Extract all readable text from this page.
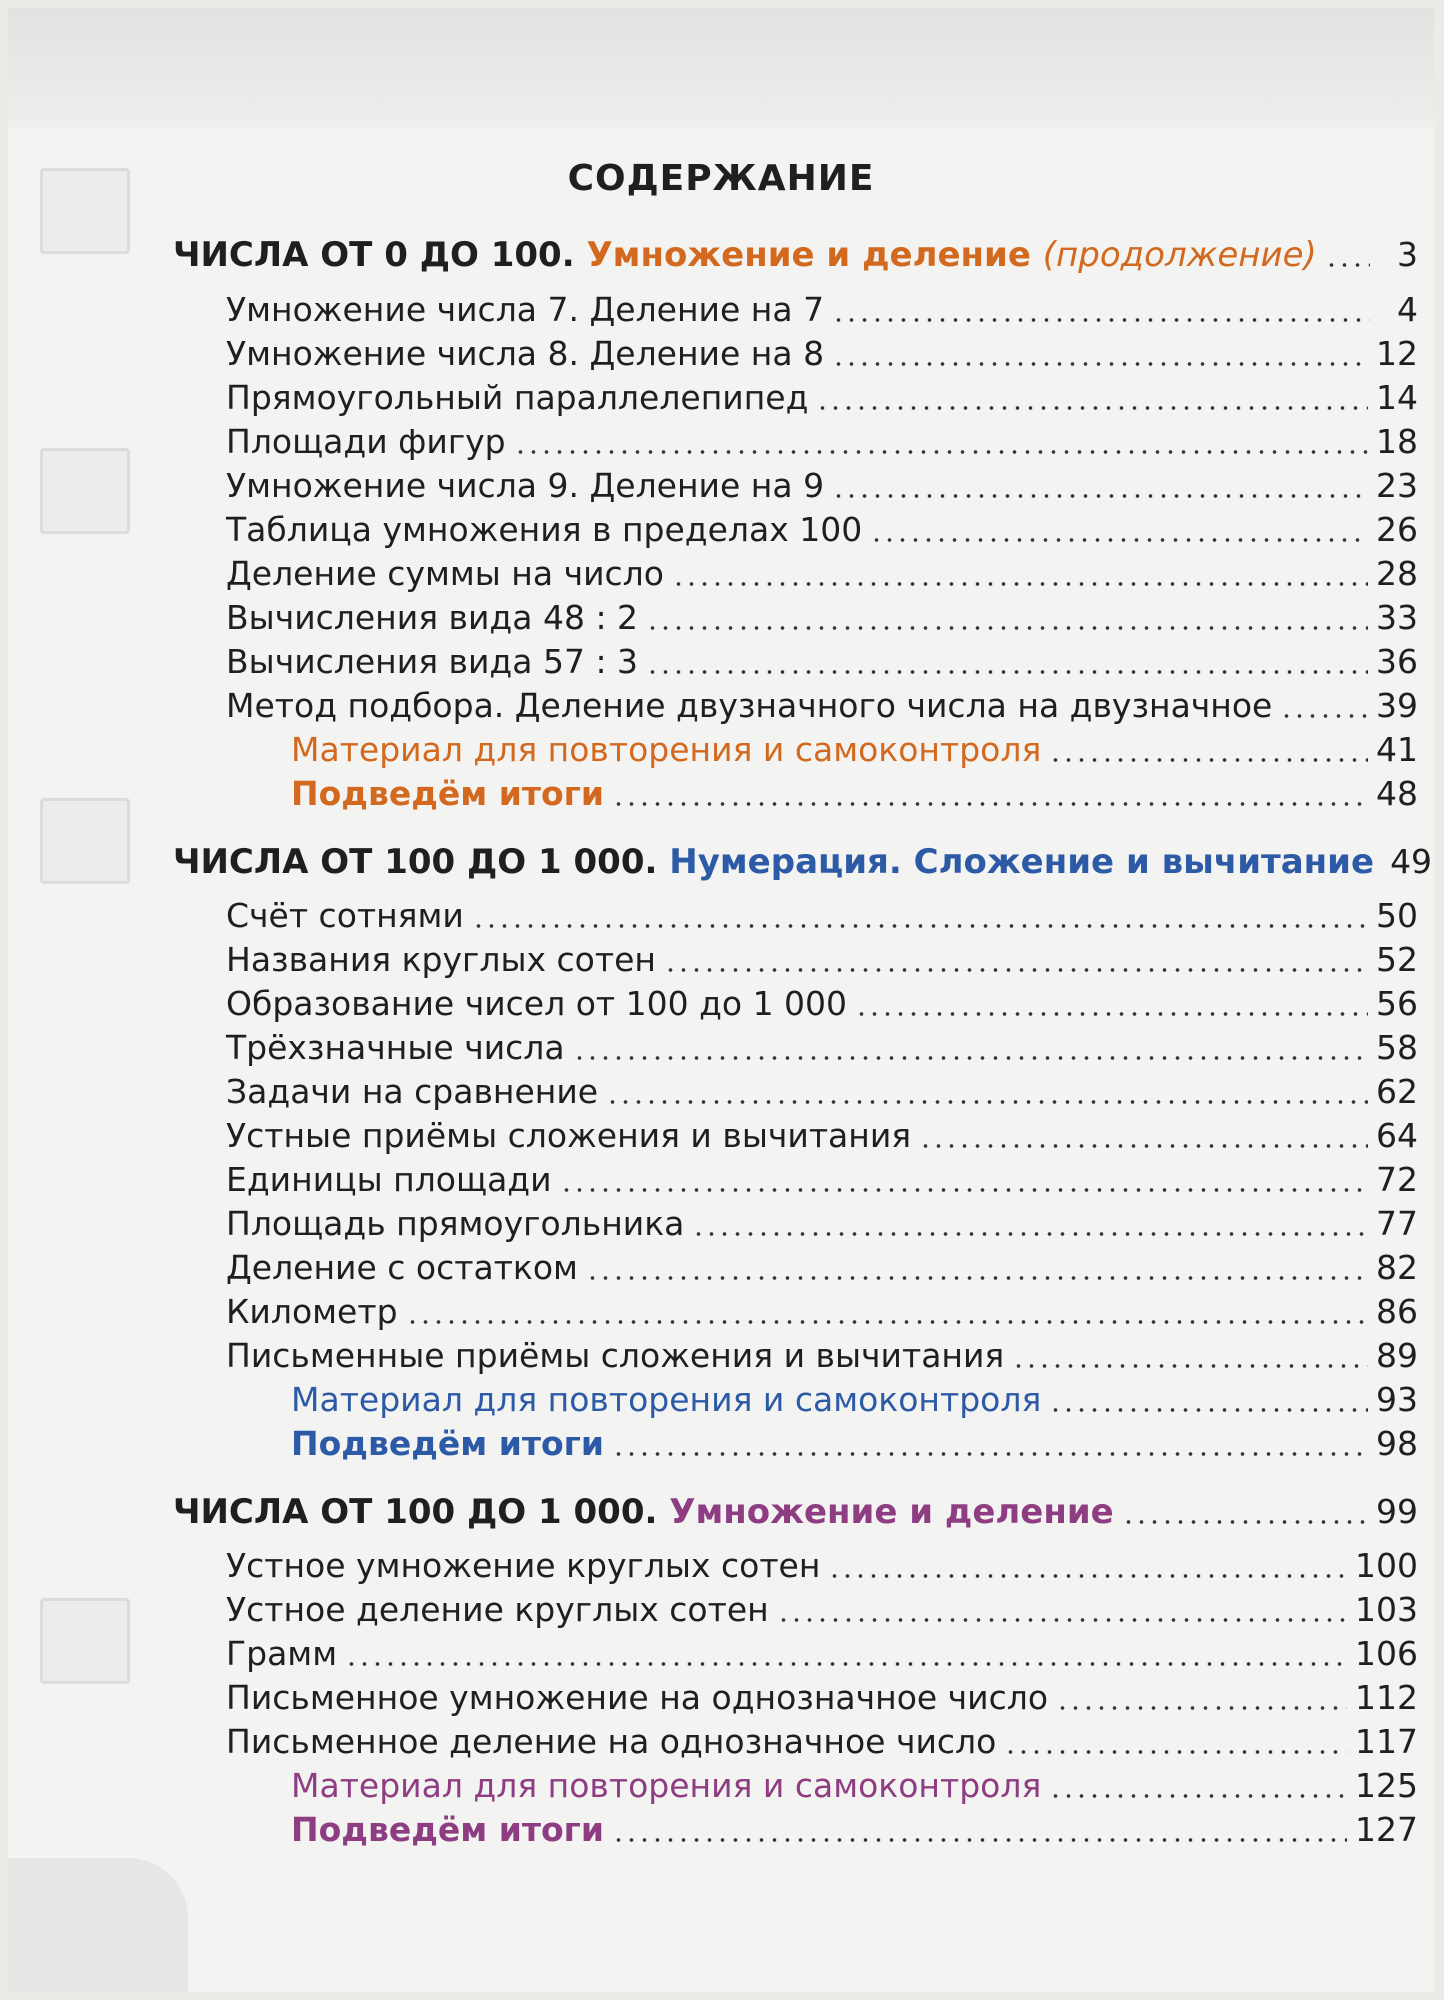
СОДЕРЖАНИЕ
ЧИСЛА ОТ 0 ДО 100. Умножение и деление (продолжение)	3
Умножение числа 7. Деление на 7	4
Умножение числа 8. Деление на 8	12
Прямоугольный параллелепипед	14
Площади фигур	18
Умножение числа 9. Деление на 9	23
Таблица умножения в пределах 100	26
Деление суммы на число	28
Вычисления вида 48 : 2	33
Вычисления вида 57 : 3	36
Метод подбора. Деление двузначного числа на двузначное	39
Материал для повторения и самоконтроля	41
Подведём итоги	48
ЧИСЛА ОТ 100 ДО 1 000. Нумерация. Сложение и вычитание 49
Счёт сотнями	50
Названия круглых сотен	52
Образование чисел от 100 до 1 000	56
Трёхзначные числа	58
Задачи на сравнение	62
Устные приёмы сложения и вычитания	64
Единицы площади	72
Площадь прямоугольника	77
Деление с остатком	82
Километр	86
Письменные приёмы сложения и вычитания	89
Материал для повторения и самоконтроля	93
Подведём итоги	98
ЧИСЛА ОТ 100 ДО 1 000. Умножение и деление	99
Устное умножение круглых сотен	100
Устное деление круглых сотен	103
Грамм	106
Письменное умножение на однозначное число	112
Письменное деление на однозначное число	117
Материал для повторения и самоконтроля	125
Подведём итоги	127
